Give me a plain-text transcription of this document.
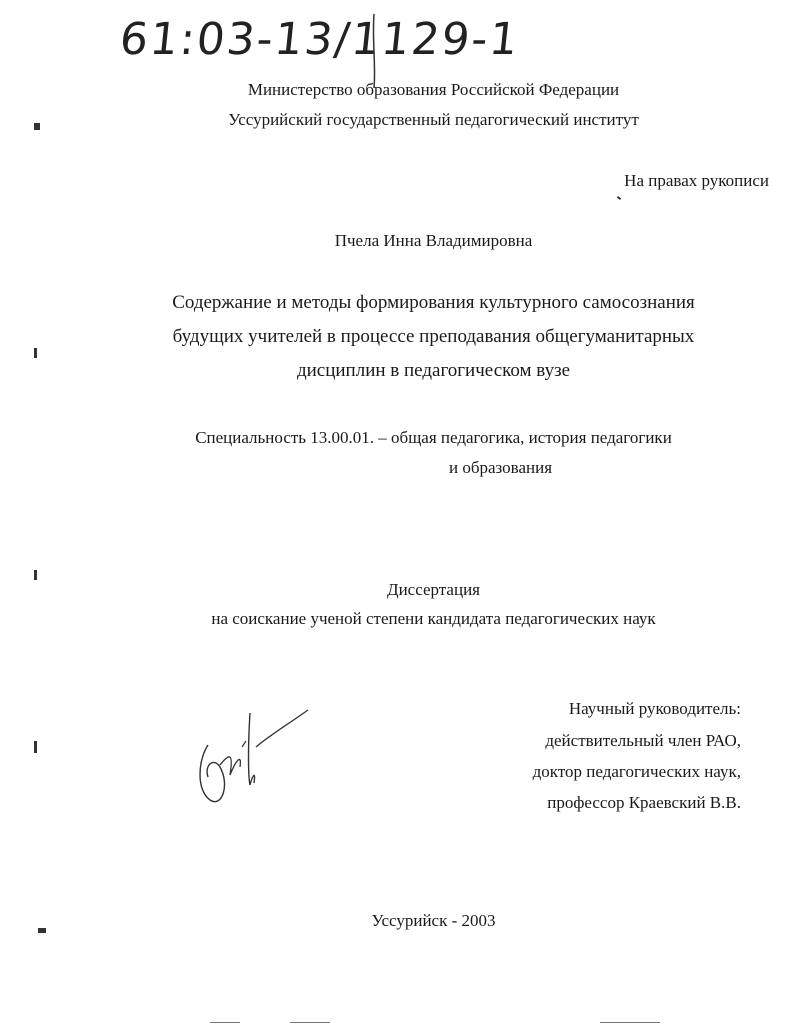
61:03-13/1129-1
Министерство образования Российской Федерации
Уссурийский государственный педагогический институт
На правах рукописи
Пчела Инна Владимировна
Содержание и методы формирования культурного самосознания
будущих учителей в процессе преподавания общегуманитарных
дисциплин в педагогическом вузе
Специальность 13.00.01. – общая педагогика, история педагогики
и образования
Диссертация
на соискание ученой степени кандидата педагогических наук
Научный руководитель:
действительный член РАО,
доктор педагогических наук,
профессор Краевский В.В.
Уссурийск - 2003
